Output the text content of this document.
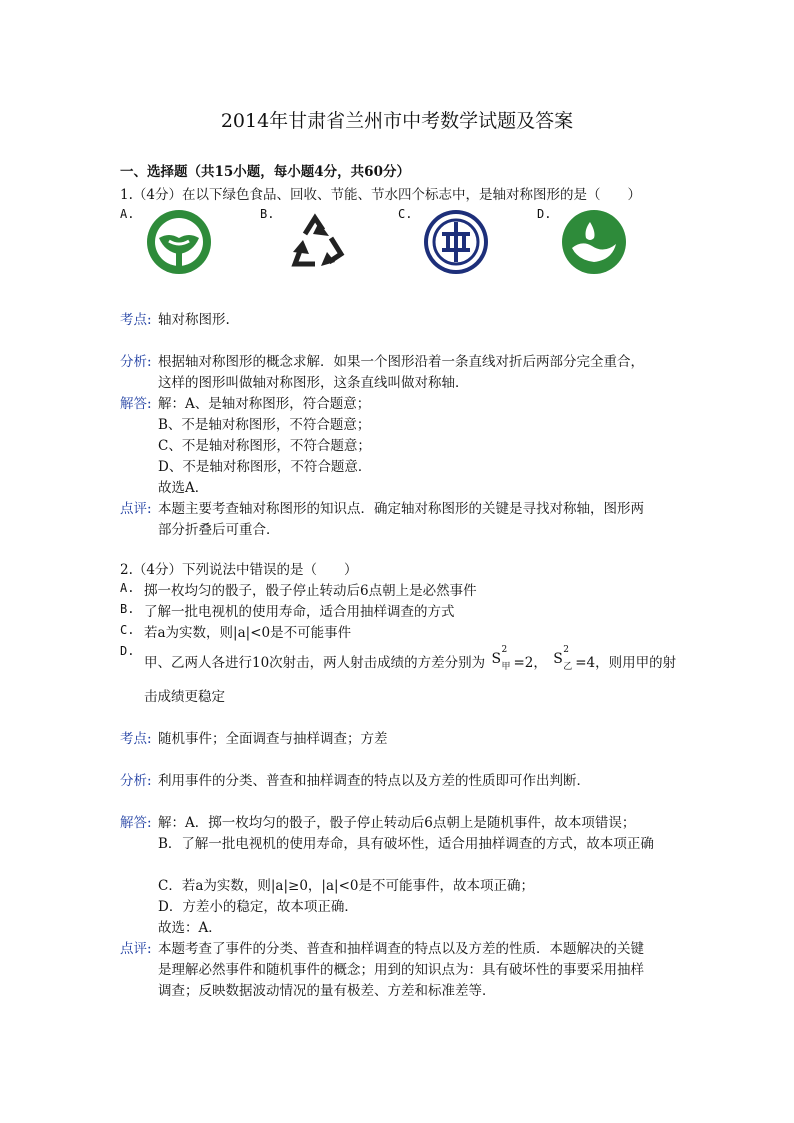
2014年甘肃省兰州市中考数学试题及答案
一、选择题（共15小题，每小题4分，共60分）
1.（4分）在以下绿色食品、回收、节能、节水四个标志中，是轴对称图形的是（　　）
A.	B.	C.	D.
考点: 轴对称图形.
分析: 根据轴对称图形的概念求解．如果一个图形沿着一条直线对折后两部分完全重合，
这样的图形叫做轴对称图形，这条直线叫做对称轴．
解答: 解：A、是轴对称图形，符合题意；
B、不是轴对称图形，不符合题意；
C、不是轴对称图形，不符合题意；
D、不是轴对称图形，不符合题意．
故选A．
点评: 本题主要考查轴对称图形的知识点．确定轴对称图形的关键是寻找对称轴，图形两
部分折叠后可重合．
2.（4分）下列说法中错误的是（　　）
A. 掷一枚均匀的骰子，骰子停止转动后6点朝上是必然事件
B. 了解一批电视机的使用寿命，适合用抽样调查的方式
C. 若a为实数，则|a|<0是不可能事件
D.
甲、乙两人各进行10次射击，两人射击成绩的方差分别为 S
2
甲 =2， S
2
乙 =4，则用甲的射
击成绩更稳定
考点: 随机事件；全面调查与抽样调查；方差
分析: 利用事件的分类、普查和抽样调查的特点以及方差的性质即可作出判断．
解答: 解：A．掷一枚均匀的骰子，骰子停止转动后6点朝上是随机事件，故本项错误；
B．了解一批电视机的使用寿命，具有破坏性，适合用抽样调查的方式，故本项正确
C．若a为实数，则|a|≥0，|a|<0是不可能事件，故本项正确；
D．方差小的稳定，故本项正确．
故选：A．
点评: 本题考查了事件的分类、普查和抽样调查的特点以及方差的性质．本题解决的关键
是理解必然事件和随机事件的概念；用到的知识点为：具有破坏性的事要采用抽样
调查；反映数据波动情况的量有极差、方差和标准差等．
